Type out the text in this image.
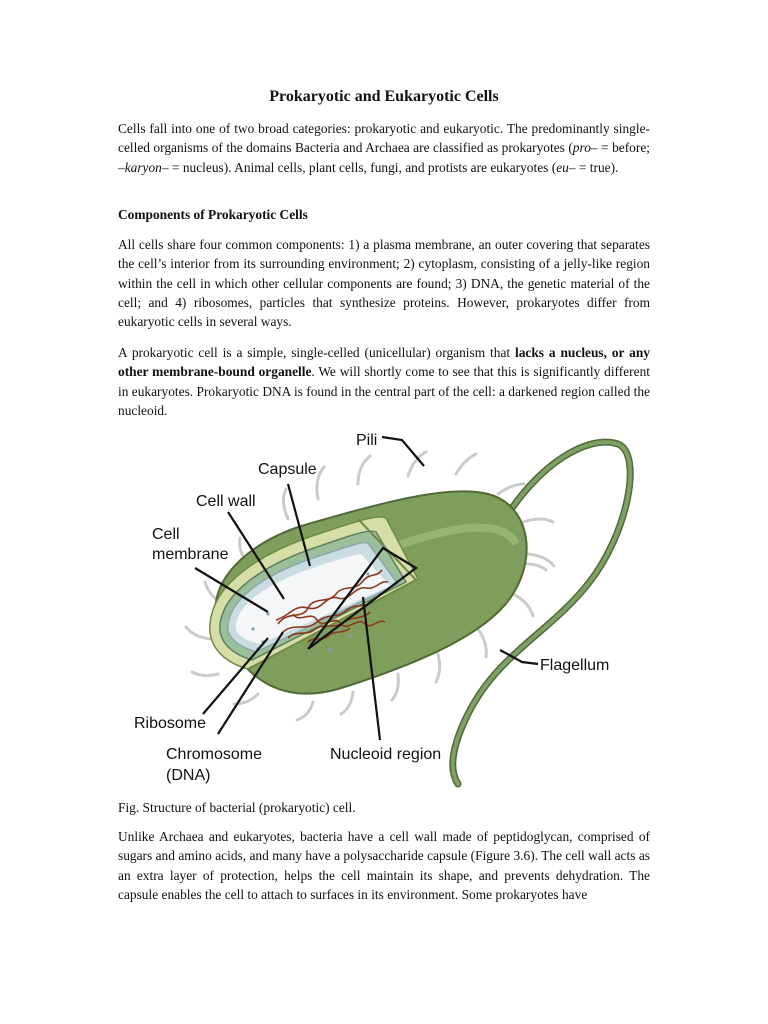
Prokaryotic and Eukaryotic Cells

Cells fall into one of two broad categories: prokaryotic and eukaryotic. The predominantly single-celled organisms of the domains Bacteria and Archaea are classified as prokaryotes (pro– = before; –karyon– = nucleus). Animal cells, plant cells, fungi, and protists are eukaryotes (eu– = true).

Components of Prokaryotic Cells

All cells share four common components: 1) a plasma membrane, an outer covering that separates the cell’s interior from its surrounding environment; 2) cytoplasm, consisting of a jelly-like region within the cell in which other cellular components are found; 3) DNA, the genetic material of the cell; and 4) ribosomes, particles that synthesize proteins. However, prokaryotes differ from eukaryotic cells in several ways.

A prokaryotic cell is a simple, single-celled (unicellular) organism that lacks a nucleus, or any other membrane-bound organelle. We will shortly come to see that this is significantly different in eukaryotes. Prokaryotic DNA is found in the central part of the cell: a darkened region called the nucleoid.

Pili
Capsule
Cell wall
Cell
membrane
Flagellum
Ribosome
Chromosome
(DNA)
Nucleoid region

Fig. Structure of bacterial (prokaryotic) cell.

Unlike Archaea and eukaryotes, bacteria have a cell wall made of peptidoglycan, comprised of sugars and amino acids, and many have a polysaccharide capsule (Figure 3.6). The cell wall acts as an extra layer of protection, helps the cell maintain its shape, and prevents dehydration. The capsule enables the cell to attach to surfaces in its environment. Some prokaryotes have
